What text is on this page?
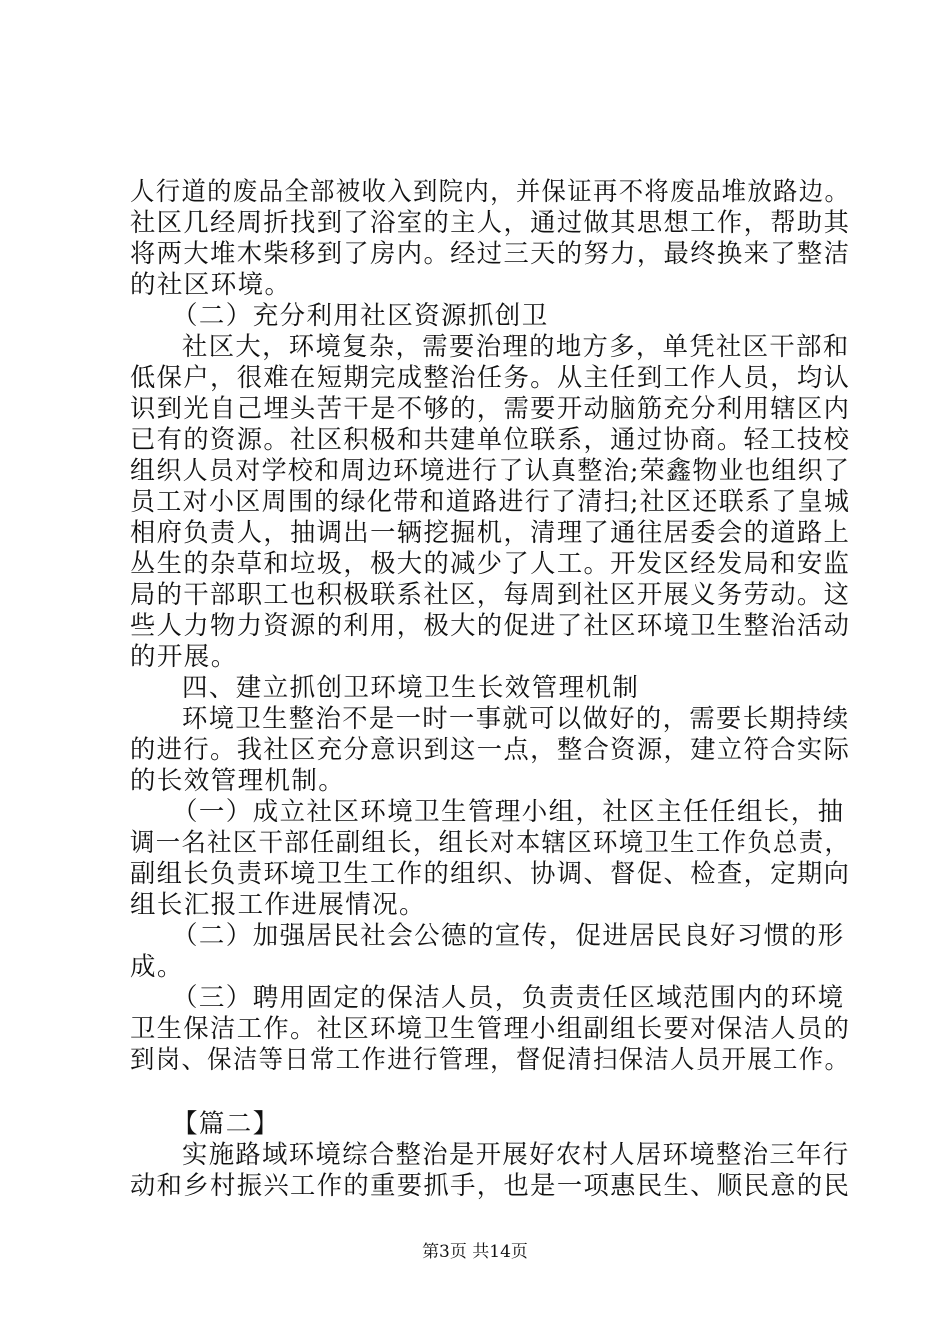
人行道的废品全部被收入到院内，并保证再不将废品堆放路边。
社区几经周折找到了浴室的主人，通过做其思想工作，帮助其
将两大堆木柴移到了房内。经过三天的努力，最终换来了整洁
的社区环境。
（二）充分利用社区资源抓创卫
社区大，环境复杂，需要治理的地方多，单凭社区干部和
低保户，很难在短期完成整治任务。从主任到工作人员，均认
识到光自己埋头苦干是不够的，需要开动脑筋充分利用辖区内
已有的资源。社区积极和共建单位联系，通过协商。轻工技校
组织人员对学校和周边环境进行了认真整治;荣鑫物业也组织了
员工对小区周围的绿化带和道路进行了清扫;社区还联系了皇城
相府负责人，抽调出一辆挖掘机，清理了通往居委会的道路上
丛生的杂草和垃圾，极大的减少了人工。开发区经发局和安监
局的干部职工也积极联系社区，每周到社区开展义务劳动。这
些人力物力资源的利用，极大的促进了社区环境卫生整治活动
的开展。
四、建立抓创卫环境卫生长效管理机制
环境卫生整治不是一时一事就可以做好的，需要长期持续
的进行。我社区充分意识到这一点，整合资源，建立符合实际
的长效管理机制。
（一）成立社区环境卫生管理小组，社区主任任组长，抽
调一名社区干部任副组长，组长对本辖区环境卫生工作负总责，
副组长负责环境卫生工作的组织、协调、督促、检查，定期向
组长汇报工作进展情况。
（二）加强居民社会公德的宣传，促进居民良好习惯的形
成。
（三）聘用固定的保洁人员，负责责任区域范围内的环境
卫生保洁工作。社区环境卫生管理小组副组长要对保洁人员的
到岗、保洁等日常工作进行管理，督促清扫保洁人员开展工作。
【篇二】
实施路域环境综合整治是开展好农村人居环境整治三年行
动和乡村振兴工作的重要抓手，也是一项惠民生、顺民意的民
第3页 共14页
